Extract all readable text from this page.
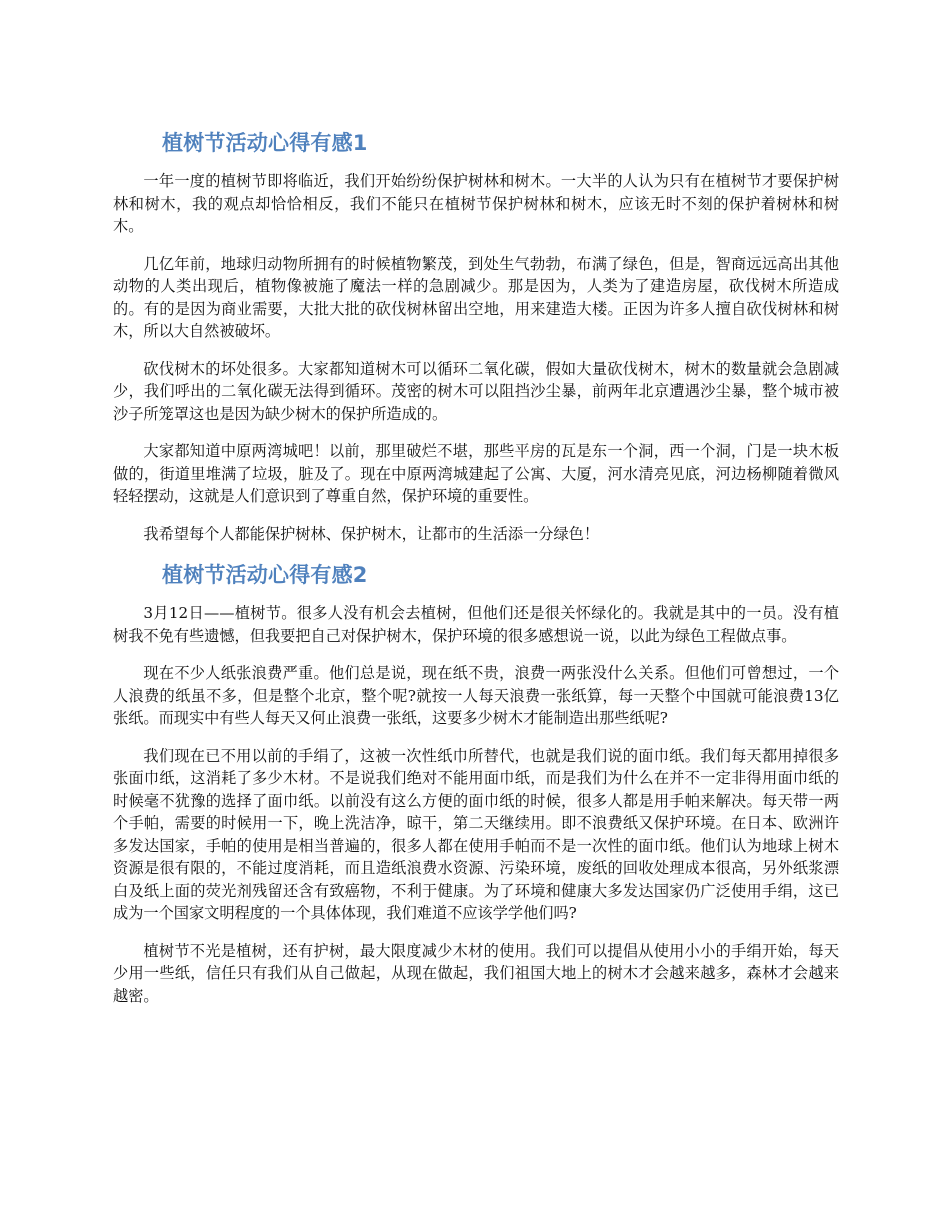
植树节活动心得有感1

一年一度的植树节即将临近，我们开始纷纷保护树林和树木。一大半的人认为只有在植树节才要保护树林和树木，我的观点却恰恰相反，我们不能只在植树节保护树林和树木，应该无时不刻的保护着树林和树木。

几亿年前，地球归动物所拥有的时候植物繁茂，到处生气勃勃，布满了绿色，但是，智商远远高出其他动物的人类出现后，植物像被施了魔法一样的急剧减少。那是因为，人类为了建造房屋，砍伐树木所造成的。有的是因为商业需要，大批大批的砍伐树林留出空地，用来建造大楼。正因为许多人擅自砍伐树林和树木，所以大自然被破坏。

砍伐树木的坏处很多。大家都知道树木可以循环二氧化碳，假如大量砍伐树木，树木的数量就会急剧减少，我们呼出的二氧化碳无法得到循环。茂密的树木可以阻挡沙尘暴，前两年北京遭遇沙尘暴，整个城市被沙子所笼罩这也是因为缺少树木的保护所造成的。

大家都知道中原两湾城吧！以前，那里破烂不堪，那些平房的瓦是东一个洞，西一个洞，门是一块木板做的，街道里堆满了垃圾，脏及了。现在中原两湾城建起了公寓、大厦，河水清亮见底，河边杨柳随着微风轻轻摆动，这就是人们意识到了尊重自然，保护环境的重要性。

我希望每个人都能保护树林、保护树木，让都市的生活添一分绿色！

植树节活动心得有感2

3月12日——植树节。很多人没有机会去植树，但他们还是很关怀绿化的。我就是其中的一员。没有植树我不免有些遗憾，但我要把自己对保护树木，保护环境的很多感想说一说，以此为绿色工程做点事。

现在不少人纸张浪费严重。他们总是说，现在纸不贵，浪费一两张没什么关系。但他们可曾想过，一个人浪费的纸虽不多，但是整个北京，整个呢?就按一人每天浪费一张纸算，每一天整个中国就可能浪费13亿张纸。而现实中有些人每天又何止浪费一张纸，这要多少树木才能制造出那些纸呢?

我们现在已不用以前的手绢了，这被一次性纸巾所替代，也就是我们说的面巾纸。我们每天都用掉很多张面巾纸，这消耗了多少木材。不是说我们绝对不能用面巾纸，而是我们为什么在并不一定非得用面巾纸的时候毫不犹豫的选择了面巾纸。以前没有这么方便的面巾纸的时候，很多人都是用手帕来解决。每天带一两个手帕，需要的时候用一下，晚上洗洁净，晾干，第二天继续用。即不浪费纸又保护环境。在日本、欧洲许多发达国家，手帕的使用是相当普遍的，很多人都在使用手帕而不是一次性的面巾纸。他们认为地球上树木资源是很有限的，不能过度消耗，而且造纸浪费水资源、污染环境，废纸的回收处理成本很高，另外纸浆漂白及纸上面的荧光剂残留还含有致癌物，不利于健康。为了环境和健康大多发达国家仍广泛使用手绢，这已成为一个国家文明程度的一个具体体现，我们难道不应该学学他们吗?

植树节不光是植树，还有护树，最大限度减少木材的使用。我们可以提倡从使用小小的手绢开始，每天少用一些纸，信任只有我们从自己做起，从现在做起，我们祖国大地上的树木才会越来越多，森林才会越来越密。
